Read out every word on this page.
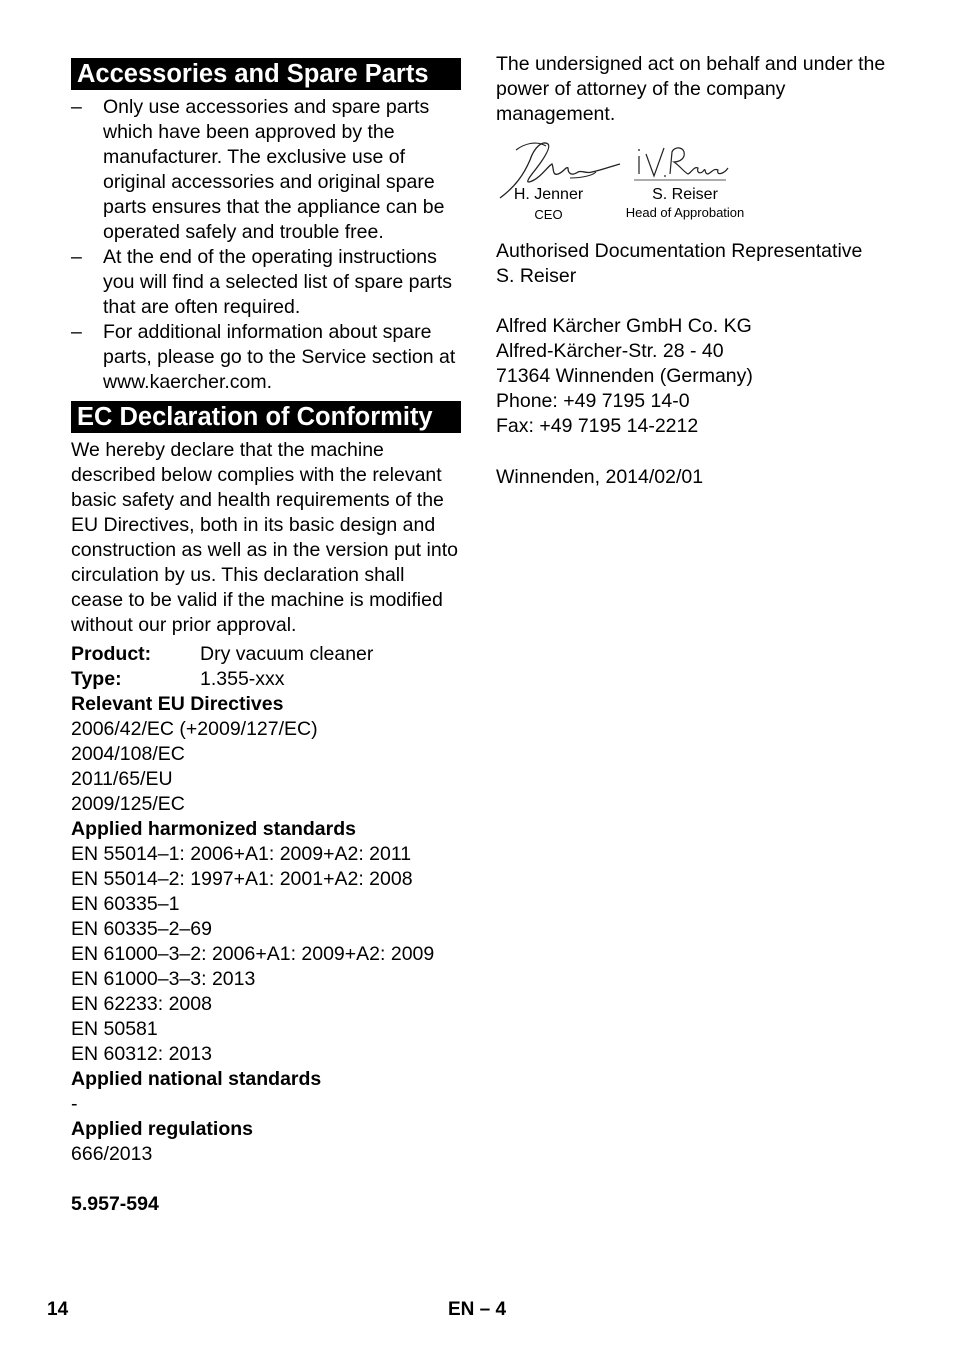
Accessories and Spare Parts
– Only use accessories and spare parts which have been approved by the manufacturer. The exclusive use of original accessories and original spare parts ensures that the appliance can be operated safely and trouble free.
– At the end of the operating instructions you will find a selected list of spare parts that are often required.
– For additional information about spare parts, please go to the Service section at www.kaercher.com.
EC Declaration of Conformity

We hereby declare that the machine described below complies with the relevant basic safety and health requirements of the EU Directives, both in its basic design and construction as well as in the version put into circulation by us. This declaration shall cease to be valid if the machine is modified without our prior approval.

Product:	Dry vacuum cleaner
Type:	1.355-xxx
Relevant EU Directives
2006/42/EC (+2009/127/EC)
2004/108/EC
2011/65/EU
2009/125/EC
Applied harmonized standards
EN 55014–1: 2006+A1: 2009+A2: 2011
EN 55014–2: 1997+A1: 2001+A2: 2008
EN 60335–1
EN 60335–2–69
EN 61000–3–2: 2006+A1: 2009+A2: 2009
EN 61000–3–3: 2013
EN 62233: 2008
EN 50581
EN 60312: 2013
Applied national standards
-
Applied regulations
666/2013
5.957-594

The undersigned act on behalf and under the power of attorney of the company management.

H. Jenner
CEO
S. Reiser
Head of Approbation
Authorised Documentation Representative
S. Reiser
Alfred Kärcher GmbH Co. KG
Alfred-Kärcher-Str. 28 - 40
71364 Winnenden (Germany)
Phone: +49 7195 14-0
Fax: +49 7195 14-2212
Winnenden, 2014/02/01
14	EN – 4
